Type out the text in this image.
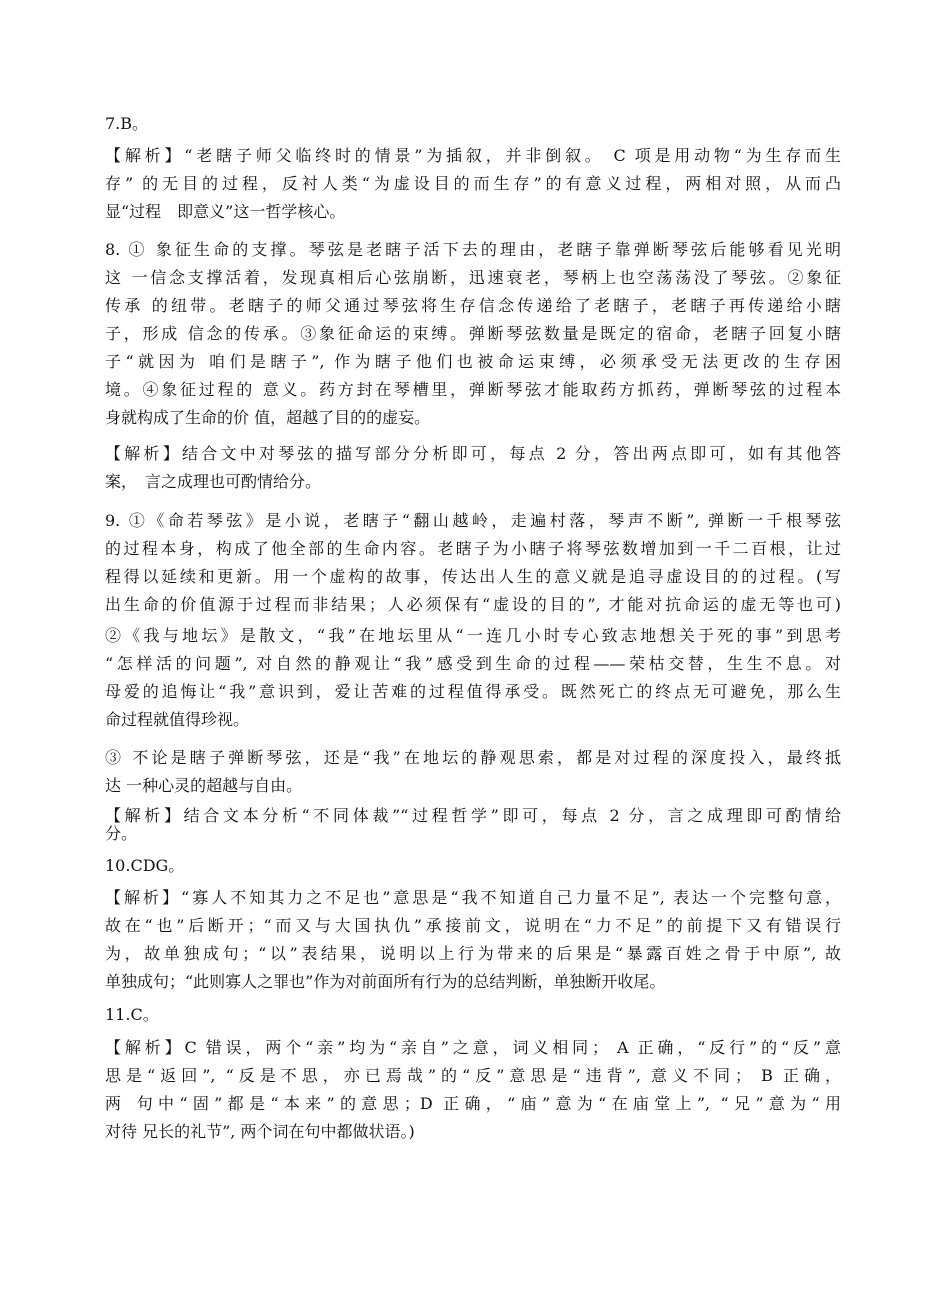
7.B。
【解析】“老瞎子师父临终时的情景”为插叙，并非倒叙。 C 项是用动物“为生存而生
存” 的无目的过程，反衬人类“为虚设目的而生存”的有意义过程，两相对照，从而凸
显“过程　即意义”这一哲学核心。
8. ① 象征生命的支撑。琴弦是老瞎子活下去的理由，老瞎子靠弹断琴弦后能够看见光明
这 一信念支撑活着，发现真相后心弦崩断，迅速衰老，琴柄上也空荡荡没了琴弦。②象征
传承 的纽带。老瞎子的师父通过琴弦将生存信念传递给了老瞎子，老瞎子再传递给小瞎
子，形成 信念的传承。③象征命运的束缚。弹断琴弦数量是既定的宿命，老瞎子回复小瞎
子“就因为 咱们是瞎子”, 作为瞎子他们也被命运束缚，必须承受无法更改的生存困
境。④象征过程的 意义。药方封在琴槽里，弹断琴弦才能取药方抓药，弹断琴弦的过程本
身就构成了生命的价 值，超越了目的的虚妄。
【解析】结合文中对琴弦的描写部分分析即可，每点 2 分，答出两点即可，如有其他答
案，　言之成理也可酌情给分。
9. ①《命若琴弦》是小说，老瞎子“翻山越岭，走遍村落，琴声不断”, 弹断一千根琴弦
的过程本身，构成了他全部的生命内容。老瞎子为小瞎子将琴弦数增加到一千二百根，让过
程得以延续和更新。用一个虚构的故事，传达出人生的意义就是追寻虚设目的的过程。(写
出生命的价值源于过程而非结果；人必须保有“虚设的目的”, 才能对抗命运的虚无等也可)
②《我与地坛》是散文，“我”在地坛里从“一连几小时专心致志地想关于死的事”到思考
“怎样活的问题”, 对自然的静观让“我”感受到生命的过程——荣枯交替，生生不息。对
母爱的追悔让“我”意识到，爱让苦难的过程值得承受。既然死亡的终点无可避免，那么生
命过程就值得珍视。
③ 不论是瞎子弹断琴弦，还是“我”在地坛的静观思索，都是对过程的深度投入，最终抵
达 一种心灵的超越与自由。
【解析】结合文本分析“不同体裁”“过程哲学”即可，每点 2 分，言之成理即可酌情给
分。
10.CDG。
【解析】“寡人不知其力之不足也”意思是“我不知道自己力量不足”, 表达一个完整句意，
故在“也”后断开；“而又与大国执仇”承接前文，说明在“力不足”的前提下又有错误行
为，故单独成句；“以”表结果，说明以上行为带来的后果是“暴露百姓之骨于中原”, 故
单独成句；“此则寡人之罪也”作为对前面所有行为的总结判断，单独断开收尾。
11.C。
【解析】C 错误，两个“亲”均为“亲自”之意，词义相同； A 正确，“反行”的“反”意
思是“返回”, “反是不思，亦已焉哉”的“反”意思是“违背”, 意义不同； B 正确，
两 句中“固”都是“本来”的意思；D 正确，“庙”意为“在庙堂上”, “兄”意为“用
对待 兄长的礼节”, 两个词在句中都做状语。)
